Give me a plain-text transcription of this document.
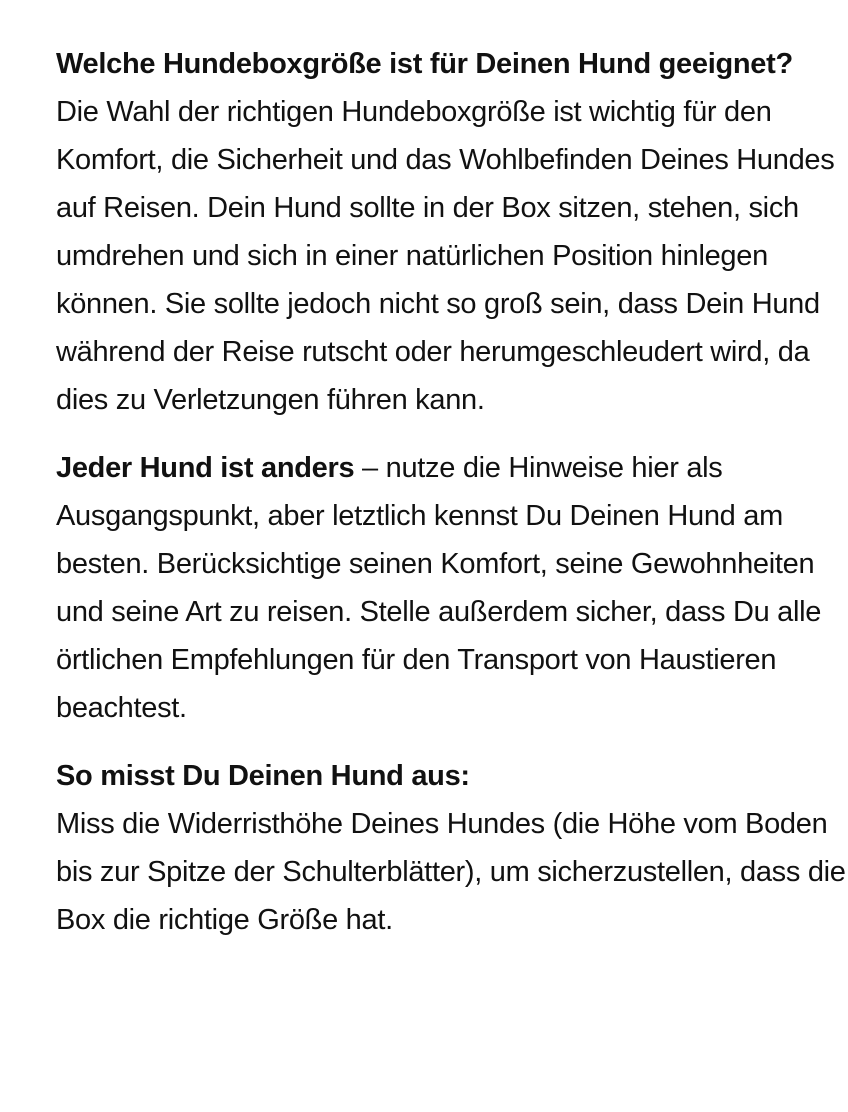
Welche Hundeboxgröße ist für Deinen Hund geeignet?
Die Wahl der richtigen Hundeboxgröße ist wichtig für den Komfort, die Sicherheit und das Wohlbefinden Deines Hundes auf Reisen. Dein Hund sollte in der Box sitzen, stehen, sich umdrehen und sich in einer natürlichen Position hinlegen können. Sie sollte jedoch nicht so groß sein, dass Dein Hund während der Reise rutscht oder herumgeschleudert wird, da dies zu Verletzungen führen kann.

Jeder Hund ist anders – nutze die Hinweise hier als Ausgangspunkt, aber letztlich kennst Du Deinen Hund am besten. Berücksichtige seinen Komfort, seine Gewohnheiten und seine Art zu reisen. Stelle außerdem sicher, dass Du alle örtlichen Empfehlungen für den Transport von Haustieren beachtest.

So misst Du Deinen Hund aus:
Miss die Widerristhöhe Deines Hundes (die Höhe vom Boden bis zur Spitze der Schulterblätter), um sicherzustellen, dass die Box die richtige Größe hat.
